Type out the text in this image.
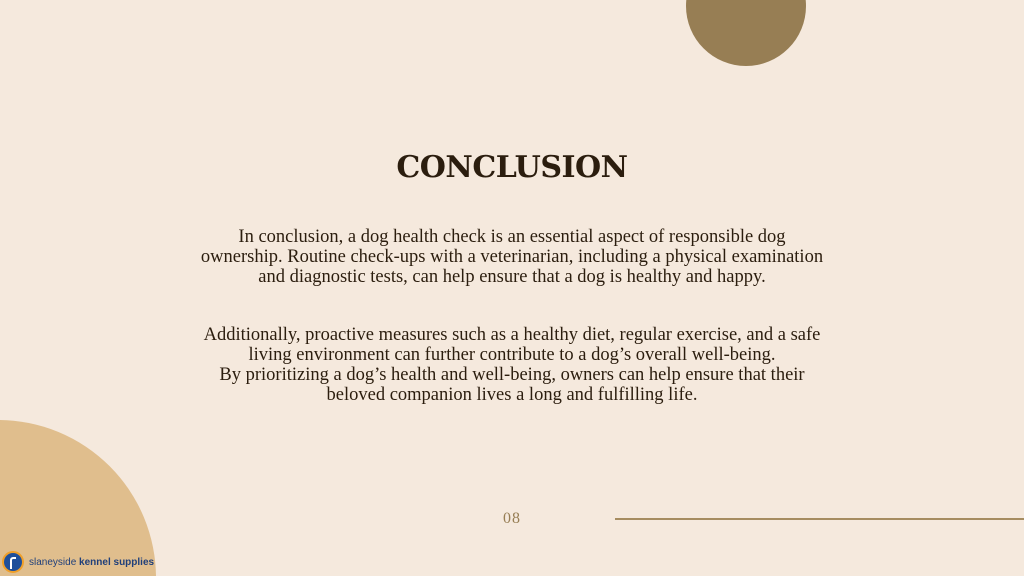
CONCLUSION

In conclusion, a dog health check is an essential aspect of responsible dog ownership. Routine check-ups with a veterinarian, including a physical examination and diagnostic tests, can help ensure that a dog is healthy and happy.

Additionally, proactive measures such as a healthy diet, regular exercise, and a safe living environment can further contribute to a dog’s overall well-being.
By prioritizing a dog’s health and well-being, owners can help ensure that their beloved companion lives a long and fulfilling life.
08
slaneyside kennel supplies
